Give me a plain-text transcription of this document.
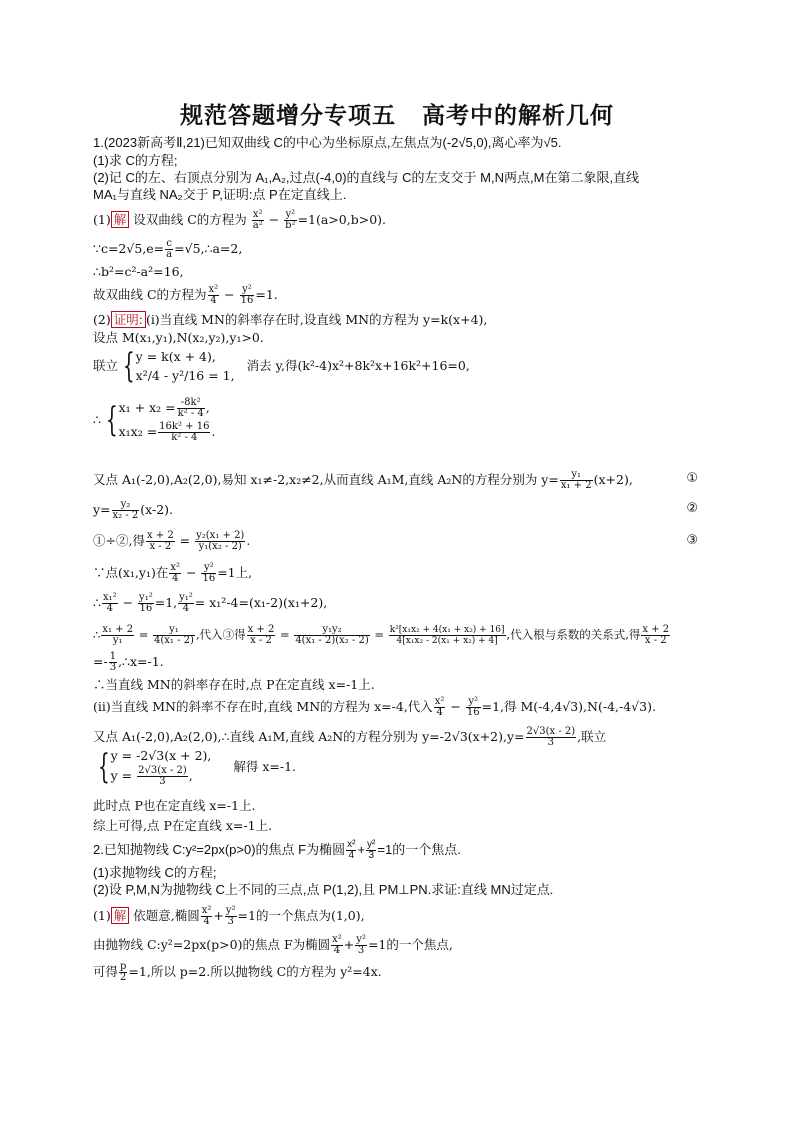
规范答题增分专项五 高考中的解析几何
1.(2023新高考Ⅱ,21)已知双曲线 C的中心为坐标原点,左焦点为(-2√5,0),离心率为√5.
(1)求 C的方程;
(2)记 C的左、右顶点分别为 A₁,A₂,过点(-4,0)的直线与 C的左支交于 M,N两点,M在第二象限,直线
MA₁与直线 NA₂交于 P,证明:点 P在定直线上.
(1) 解 设双曲线 C的方程为 $\frac{\text{x²}}{\text{a²}} - \frac{\text{y²}}{\text{b²}} =1(a>0,b>0)$.
∵c=2√5,e= $\frac{c}{a}$ =√5,∴a=2,
∴b²=c²-a²=16,
故双曲线 C的方程为 $\frac{\text{x²}}{4} - \frac{\text{y²}}{16} =1$.
(2) 证明: (ⅰ)当直线 MN的斜率存在时,设直线 MN的方程为 y=k(x+4),
设点 M(x₁,y₁),N(x₂,y₂),y₁>0.
联立 { y = k(x + 4),
x²/4 - y²/16 = 1,
消去 y,得(k²-4)x²+8k²x+16k²+16=0,
∴ { $x_1 + x_2 = \frac{\text{-8k²}}{\text{k² - 4}}$ ,
$x_1x_2 = \frac{\text{16k² + 16}}{\text{k² - 4}}$ .
又点 A₁(-2,0),A₂(2,0),易知 x₁≠-2,x₂≠2,从而直线 A₁M,直线 A₂N的方程分别为 $y= \frac{\text{y₁}}{\text{x₁ + 2}} (x+2)$,	①
$y= \frac{\text{y₂}}{\text{x₂ - 2}} (x-2)$.	②
①÷②,得 $\frac{x + 2}{x - 2} = \frac{\text{y₂(x₁ + 2)}}{\text{y₁(x₂ - 2)}}$ .	③
∵点(x₁,y₁)在 $\frac{\text{x²}}{4} - \frac{\text{y²}}{16} =1$上,
∴ $\frac{\text{x₁²}}{4} - \frac{\text{y₁²}}{16} =1$, $\frac{\text{y₁²}}{4} = x_1^2-4=(x_1-2)(x_1+2)$,
∴ $\frac{\text{x₁ + 2}}{\text{y₁}} = \frac{\text{y₁}}{\text{4(x₁ - 2)}}$ ,代入③得 $\frac{x + 2}{x - 2} = \frac{\text{y₁y₂}}{\text{4(x₁ - 2)(x₂ - 2)}} = \frac{\text{k²[x₁x₂ + 4(x₁ + x₂) + 16]}}{\text{4[x₁x₂ - 2(x₁ + x₂) + 4]}}$ ,代入根与系数的关系式,得 $\frac{x + 2}{x - 2}$
=- $\frac{1}{3}$ ,∴x=-1.
∴当直线 MN的斜率存在时,点 P在定直线 x=-1上.
(ⅱ)当直线 MN的斜率不存在时,直线 MN的方程为 x=-4,代入 $\frac{\text{x²}}{4} - \frac{\text{y²}}{16} =1$,得 M(-4,4√3),N(-4,-4√3).
又点 A₁(-2,0),A₂(2,0),∴直线 A₁M,直线 A₂N的方程分别为 $y=-2√3(x+2),y= \frac{2√3(x - 2)}{3}$ ,联立
{ y = -2√3(x + 2),
$y = \frac{2√3(x - 2)}{3}$ ,
解得 x=-1.
此时点 P也在定直线 x=-1上.
综上可得,点 P在定直线 x=-1上.
2.已知抛物线 C:y²=2px(p>0)的焦点 F为椭圆 $\frac{\text{x²}}{4} + \frac{\text{y²}}{3} =1$的一个焦点.
(1)求抛物线 C的方程;
(2)设 P,M,N为抛物线 C上不同的三点,点 P(1,2),且 PM⊥PN.求证:直线 MN过定点.
(1) 解 依题意,椭圆 $\frac{\text{x²}}{4} + \frac{\text{y²}}{3} =1$的一个焦点为(1,0),
由抛物线 C:y²=2px(p>0)的焦点 F为椭圆 $\frac{\text{x²}}{4} + \frac{\text{y²}}{3} =1$的一个焦点,
可得 $\frac{p}{2} =1$,所以 p=2.所以抛物线 C的方程为 y²=4x.
